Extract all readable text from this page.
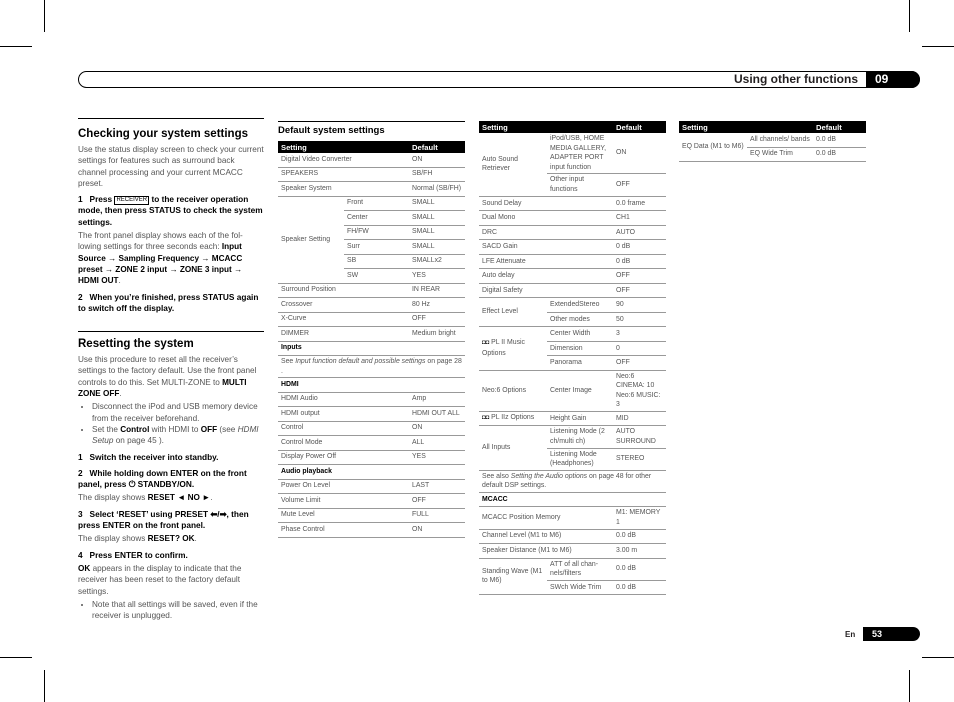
Using other functions	09
En	53
Checking your system settings
Use the status display screen to check your current settings for features such as surround back channel processing and your current MCACC preset.
1 Press RECEIVER to the receiver operation mode, then press STATUS to check the system settings.
The front panel display shows each of the fol-lowing settings for three seconds each: Input Source → Sampling Frequency → MCACC preset → ZONE 2 input → ZONE 3 input → HDMI OUT.
2 When you’re finished, press STATUS again to switch off the display.
Resetting the system
Use this procedure to reset all the receiver’s settings to the factory default. Use the front panel controls to do this. Set MULTI-ZONE to MULTI ZONE OFF.
• Disconnect the iPod and USB memory device from the receiver beforehand.
• Set the Control with HDMI to OFF (see HDMI Setup on page 45 ).
1 Switch the receiver into standby.
2 While holding down ENTER on the front panel, press ⏻ STANDBY/ON.
The display shows RESET ◄ NO ►.
3 Select ‘RESET’ using PRESET ⬅/➡, then press ENTER on the front panel.
The display shows RESET? OK.
4 Press ENTER to confirm.
OK appears in the display to indicate that the receiver has been reset to the factory default settings.
• Note that all settings will be saved, even if the receiver is unplugged.
Default system settings
Setting		Default
Digital Video Converter		ON
SPEAKERS		SB/FH
Speaker System		Normal (SB/FH)
Speaker Setting	Front	SMALL
	Center	SMALL
	FH/FW	SMALL
	Surr	SMALL
	SB	SMALLx2
	SW	YES
Surround Position		IN REAR
Crossover		80 Hz
X-Curve		OFF
DIMMER		Medium bright
Inputs		
See Input function default and possible settings on page 28 .		
HDMI		
HDMI Audio		Amp
HDMI output		HDMI OUT ALL
Control		ON
Control Mode		ALL
Display Power Off		YES
Audio playback		
Power On Level		LAST
Volume Limit		OFF
Mute Level		FULL
Phase Control		ON
Setting		Default
Auto Sound Retriever	iPod/USB, HOME MEDIA GALLERY, ADAPTER PORT input function	ON
	Other input functions	OFF
Sound Delay		0.0 frame
Dual Mono		CH1
DRC		AUTO
SACD Gain		0 dB
LFE Attenuate		0 dB
Auto delay		OFF
Digital Safety		OFF
Effect Level	ExtendedStereo	90
	Other modes	50
◘◘ PL II Music Options	Center Width	3
	Dimension	0
	Panorama	OFF
Neo:6 Options	Center Image	Neo:6 CINEMA: 10 Neo:6 MUSIC: 3
◘◘ PL IIz Options	Height Gain	MID
All Inputs	Listening Mode (2 ch/multi ch)	AUTO SURROUND
	Listening Mode (Headphones)	STEREO
See also Setting the Audio options on page 48 for other default DSP settings.		
MCACC		
MCACC Position Memory		M1: MEMORY 1
Channel Level (M1 to M6)		0.0 dB
Speaker Distance (M1 to M6)		3.00 m
Standing Wave (M1 to M6)	ATT of all chan-nels/filters	0.0 dB
	SWch Wide Trim	0.0 dB
Setting		Default
EQ Data (M1 to M6)	All channels/ bands	0.0 dB
	EQ Wide Trim	0.0 dB
